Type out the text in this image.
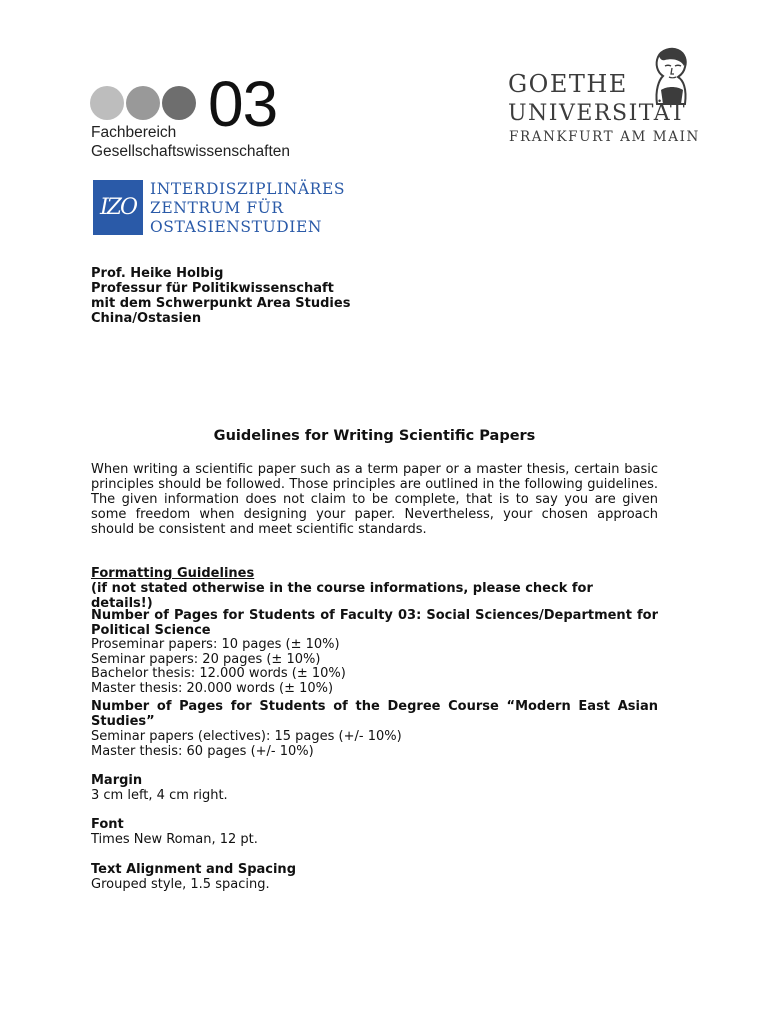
03
Fachbereich
Gesellschaftswissenschaften
GOETHE
UNIVERSITÄT
FRANKFURT AM MAIN
IZO
INTERDISZIPLINÄRES
ZENTRUM FÜR
OSTASIENSTUDIEN
Prof. Heike Holbig
Professur für Politikwissenschaft
mit dem Schwerpunkt Area Studies
China/Ostasien
Guidelines for Writing Scientific Papers
When writing a scientific paper such as a term paper or a master thesis, certain basic principles should be followed. Those principles are outlined in the following guidelines. The given information does not claim to be complete, that is to say you are given some freedom when designing your paper. Nevertheless, your chosen approach should be consistent and meet scientific standards.
Formatting Guidelines
(if not stated otherwise in the course informations, please check for details!)
Number of Pages for Students of Faculty 03: Social Sciences/Department for Political Science
Proseminar papers: 10 pages (± 10%)
Seminar papers: 20 pages (± 10%)
Bachelor thesis: 12.000 words (± 10%)
Master thesis: 20.000 words (± 10%)
Number of Pages for Students of the Degree Course “Modern East Asian Studies”
Seminar papers (electives): 15 pages (+/- 10%)
Master thesis: 60 pages (+/- 10%)
Margin
3 cm left, 4 cm right.
Font
Times New Roman, 12 pt.
Text Alignment and Spacing
Grouped style, 1.5 spacing.
